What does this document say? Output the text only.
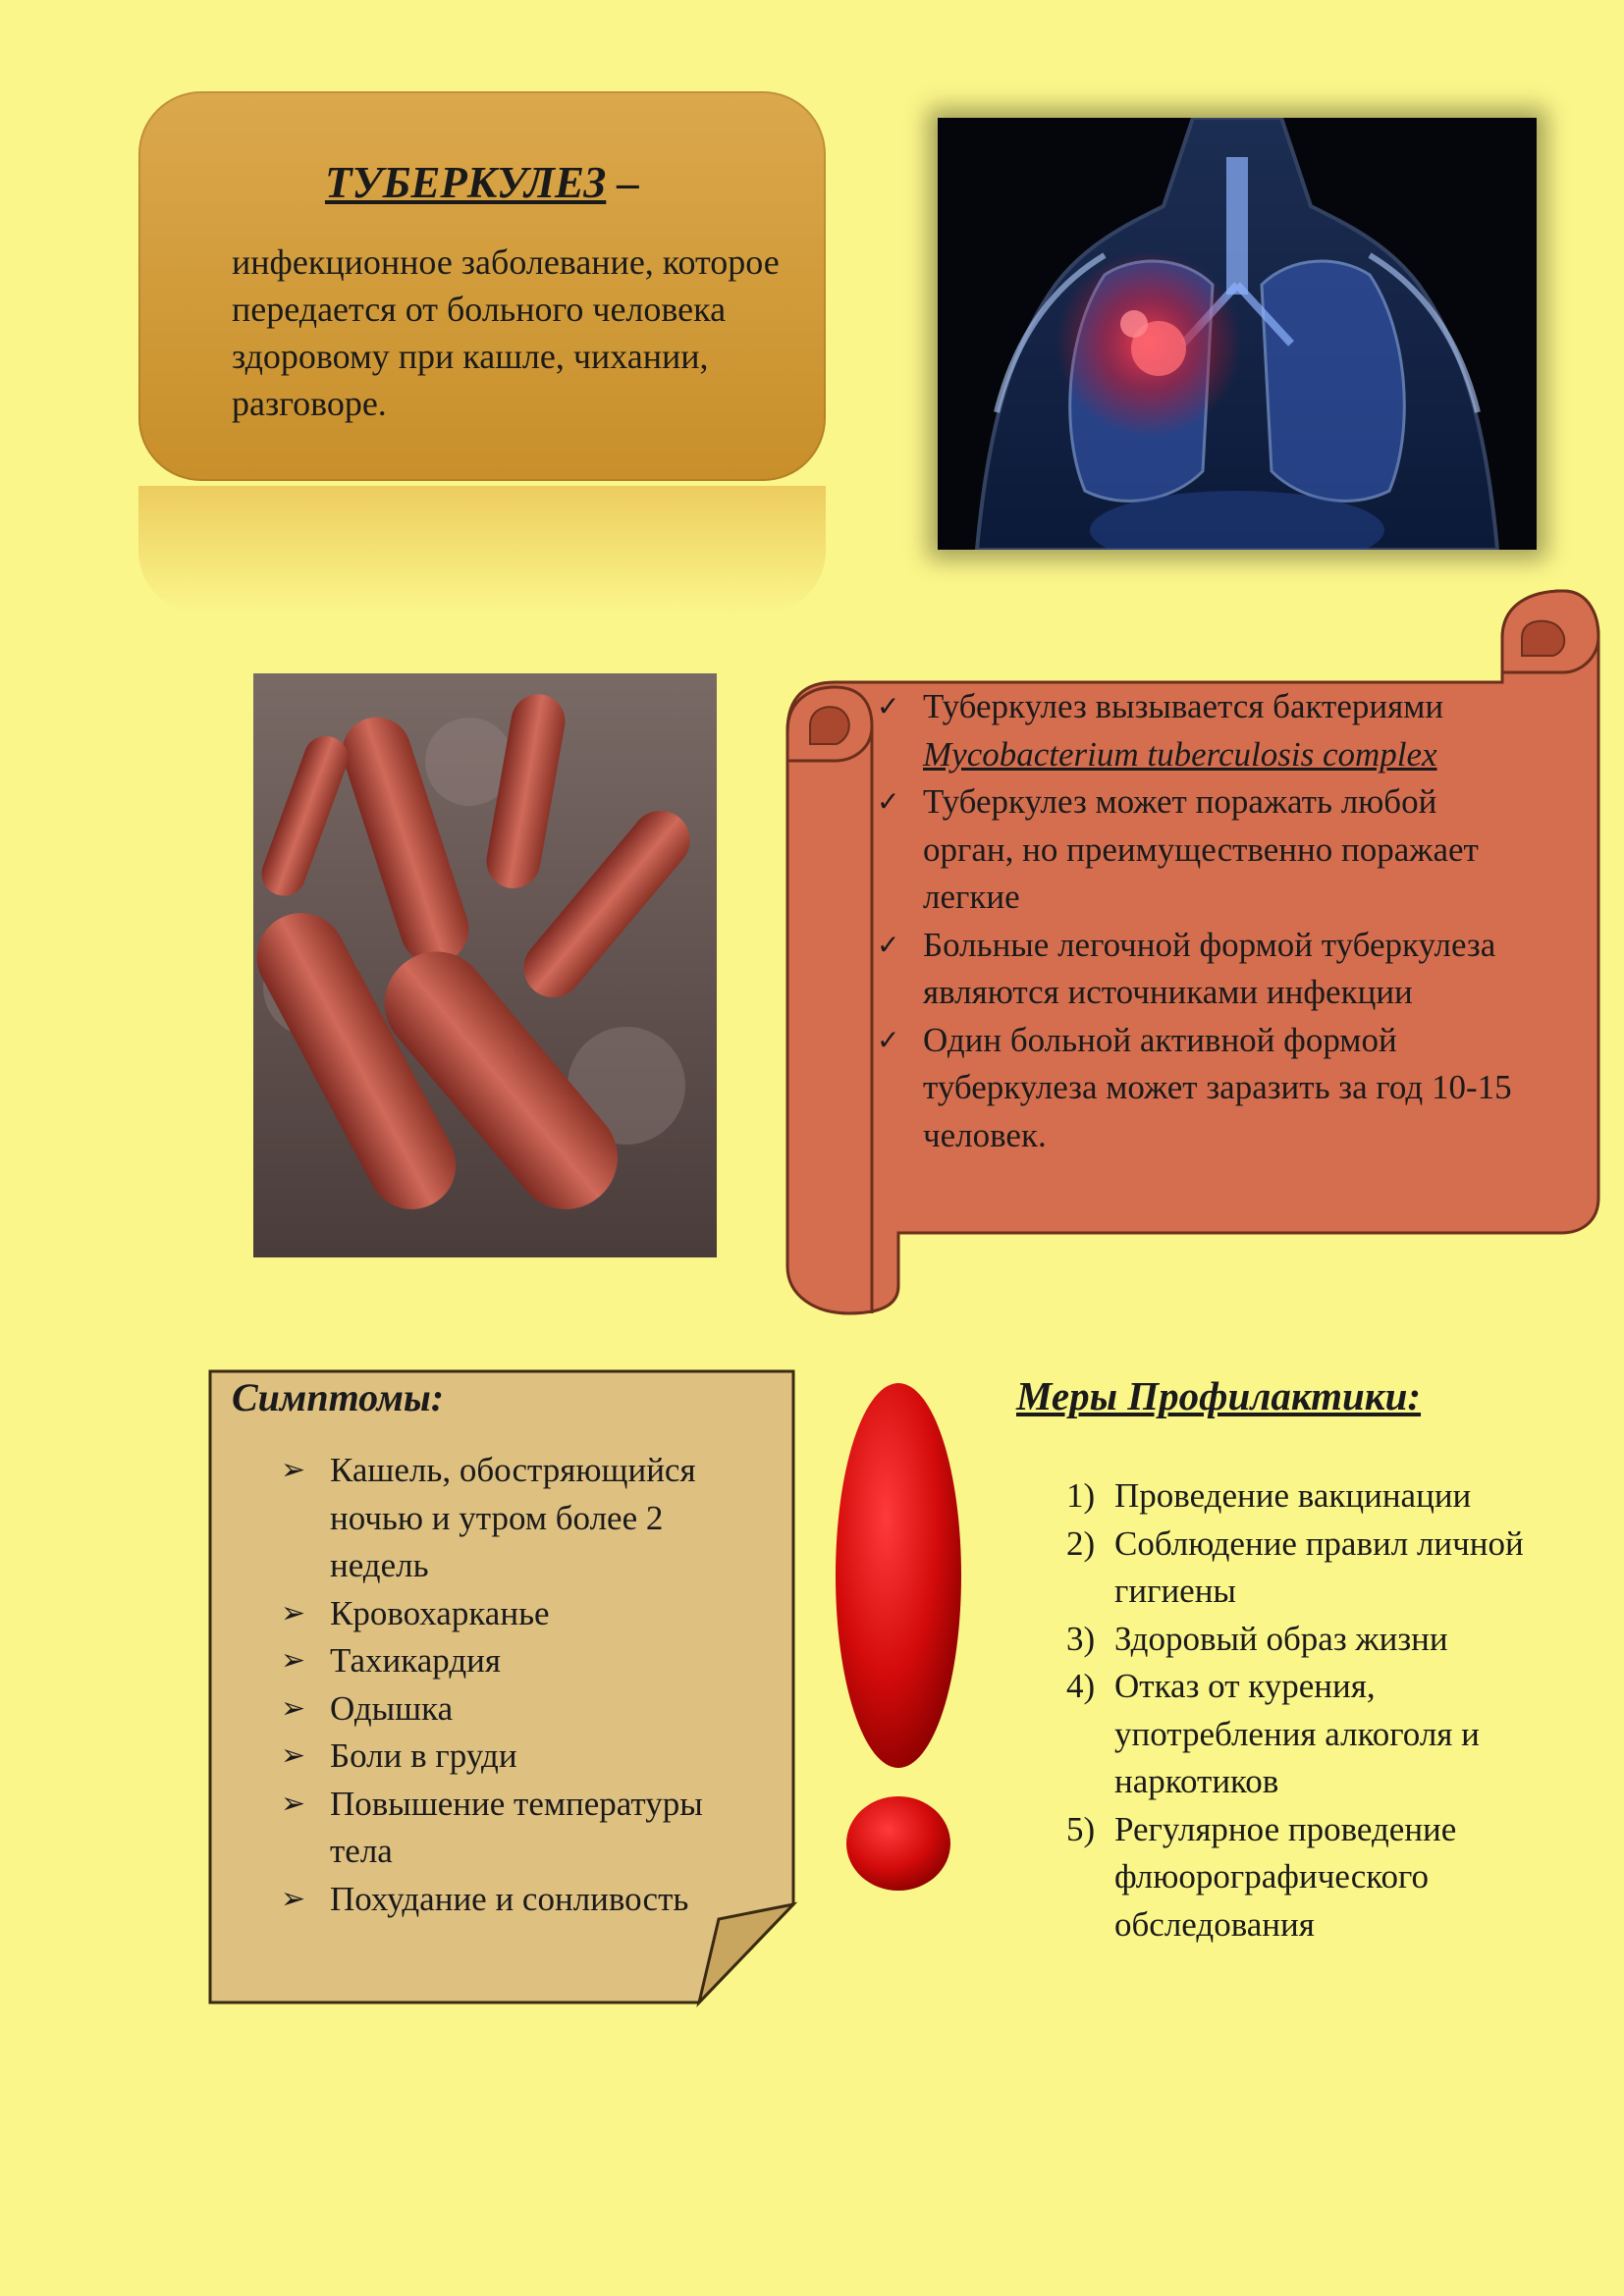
ТУБЕРКУЛЕЗ –
инфекционное заболевание, которое передается от больного человека здоровому при кашле, чихании, разговоре.
✓ Туберкулез вызывается бактериями
Mycobacterium tuberculosis complex
✓ Туберкулез может поражать любой орган, но преимущественно поражает легкие
✓ Больные легочной формой туберкулеза являются источниками инфекции
✓ Один больной активной формой туберкулеза может заразить за год 10-15 человек.
Симптомы:
➢ Кашель, обостряющийся ночью и утром более 2 недель
➢ Кровохарканье
➢ Тахикардия
➢ Одышка
➢ Боли в груди
➢ Повышение температуры тела
➢ Похудание и сонливость
Меры Профилактики:
1) Проведение вакцинации
2) Соблюдение правил личной гигиены
3) Здоровый образ жизни
4) Отказ от курения, употребления алкоголя и наркотиков
5) Регулярное проведение флюорографического обследования
